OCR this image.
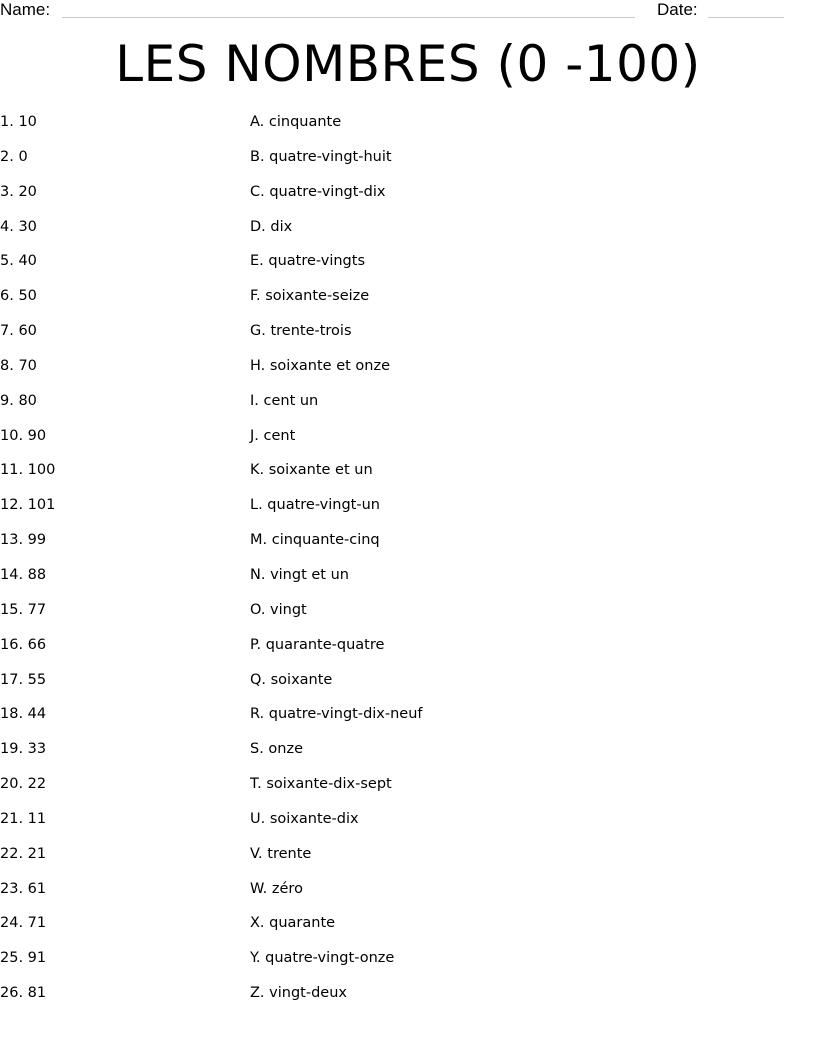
Name:	Date:
LES NOMBRES (0 -100)
1. 10	A. cinquante
2. 0	B. quatre-vingt-huit
3. 20	C. quatre-vingt-dix
4. 30	D. dix
5. 40	E. quatre-vingts
6. 50	F. soixante-seize
7. 60	G. trente-trois
8. 70	H. soixante et onze
9. 80	I. cent un
10. 90	J. cent
11. 100	K. soixante et un
12. 101	L. quatre-vingt-un
13. 99	M. cinquante-cinq
14. 88	N. vingt et un
15. 77	O. vingt
16. 66	P. quarante-quatre
17. 55	Q. soixante
18. 44	R. quatre-vingt-dix-neuf
19. 33	S. onze
20. 22	T. soixante-dix-sept
21. 11	U. soixante-dix
22. 21	V. trente
23. 61	W. zéro
24. 71	X. quarante
25. 91	Y. quatre-vingt-onze
26. 81	Z. vingt-deux
